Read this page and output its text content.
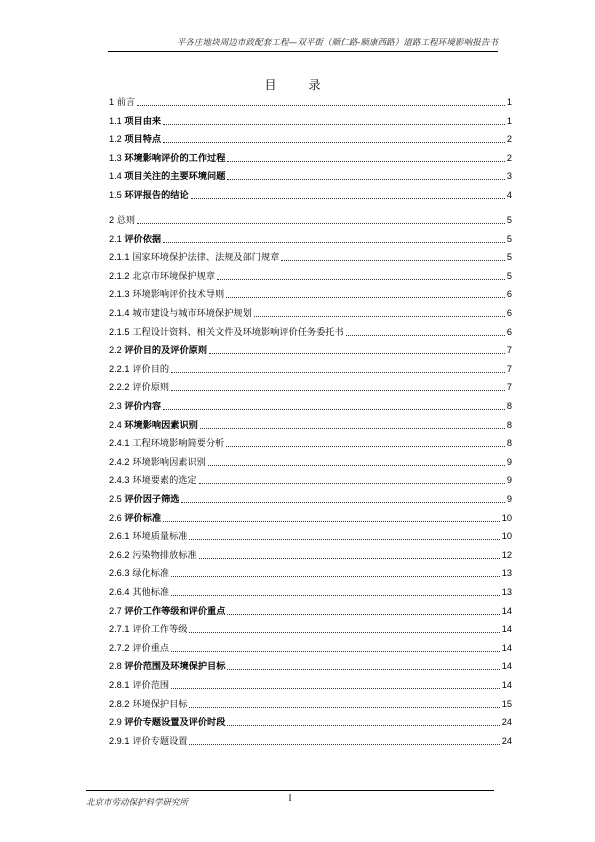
平各庄地块周边市政配套工程—双平街（顺仁路-顺康西路）道路工程环境影响报告书
目　录
1 前言	1
1.1 项目由来	1
1.2 项目特点	2
1.3 环境影响评价的工作过程	2
1.4 项目关注的主要环境问题	3
1.5 环评报告的结论	4
2 总则	5
2.1 评价依据	5
2.1.1 国家环境保护法律、法规及部门规章	5
2.1.2 北京市环境保护规章	5
2.1.3 环境影响评价技术导则	6
2.1.4 城市建设与城市环境保护规划	6
2.1.5 工程设计资料、相关文件及环境影响评价任务委托书	6
2.2 评价目的及评价原则	7
2.2.1 评价目的	7
2.2.2 评价原则	7
2.3 评价内容	8
2.4 环境影响因素识别	8
2.4.1 工程环境影响简要分析	8
2.4.2 环境影响因素识别	9
2.4.3 环境要素的选定	9
2.5 评价因子筛选	9
2.6 评价标准	10
2.6.1 环境质量标准	10
2.6.2 污染物排放标准	12
2.6.3 绿化标准	13
2.6.4 其他标准	13
2.7 评价工作等级和评价重点	14
2.7.1 评价工作等级	14
2.7.2 评价重点	14
2.8 评价范围及环境保护目标	14
2.8.1 评价范围	14
2.8.2 环境保护目标	15
2.9 评价专题设置及评价时段	24
2.9.1 评价专题设置	24
北京市劳动保护科学研究所	I
